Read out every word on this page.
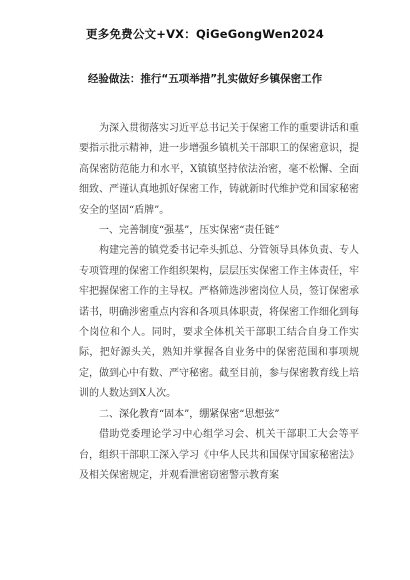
更多免费公文+VX：QiGeGongWen2024
经验做法：推行“五项举措”扎实做好乡镇保密工作

为深入贯彻落实习近平总书记关于保密工作的重要讲话和重要指示批示精神，进一步增强乡镇机关干部职工的保密意识，提高保密防范能力和水平，X镇镇坚持依法治密，毫不松懈、全面细致、严谨认真地抓好保密工作，铸就新时代维护党和国家秘密安全的坚固“盾牌”。

一、完善制度“强基”，压实保密“责任链”

构建完善的镇党委书记牵头抓总、分管领导具体负责、专人专项管理的保密工作组织架构，层层压实保密工作主体责任，牢牢把握保密工作的主导权。严格筛选涉密岗位人员，签订保密承诺书，明确涉密重点内容和各项具体职责，将保密工作细化到每个岗位和个人。同时，要求全体机关干部职工结合自身工作实际，把好源头关，熟知并掌握各自业务中的保密范围和事项规定，做到心中有数、严守秘密。截至目前，参与保密教育线上培训的人数达到X人次。

二、深化教育“固本”，绷紧保密“思想弦”

借助党委理论学习中心组学习会、机关干部职工大会等平台，组织干部职工深入学习《中华人民共和国保守国家秘密法》及相关保密规定，并观看泄密窃密警示教育案
